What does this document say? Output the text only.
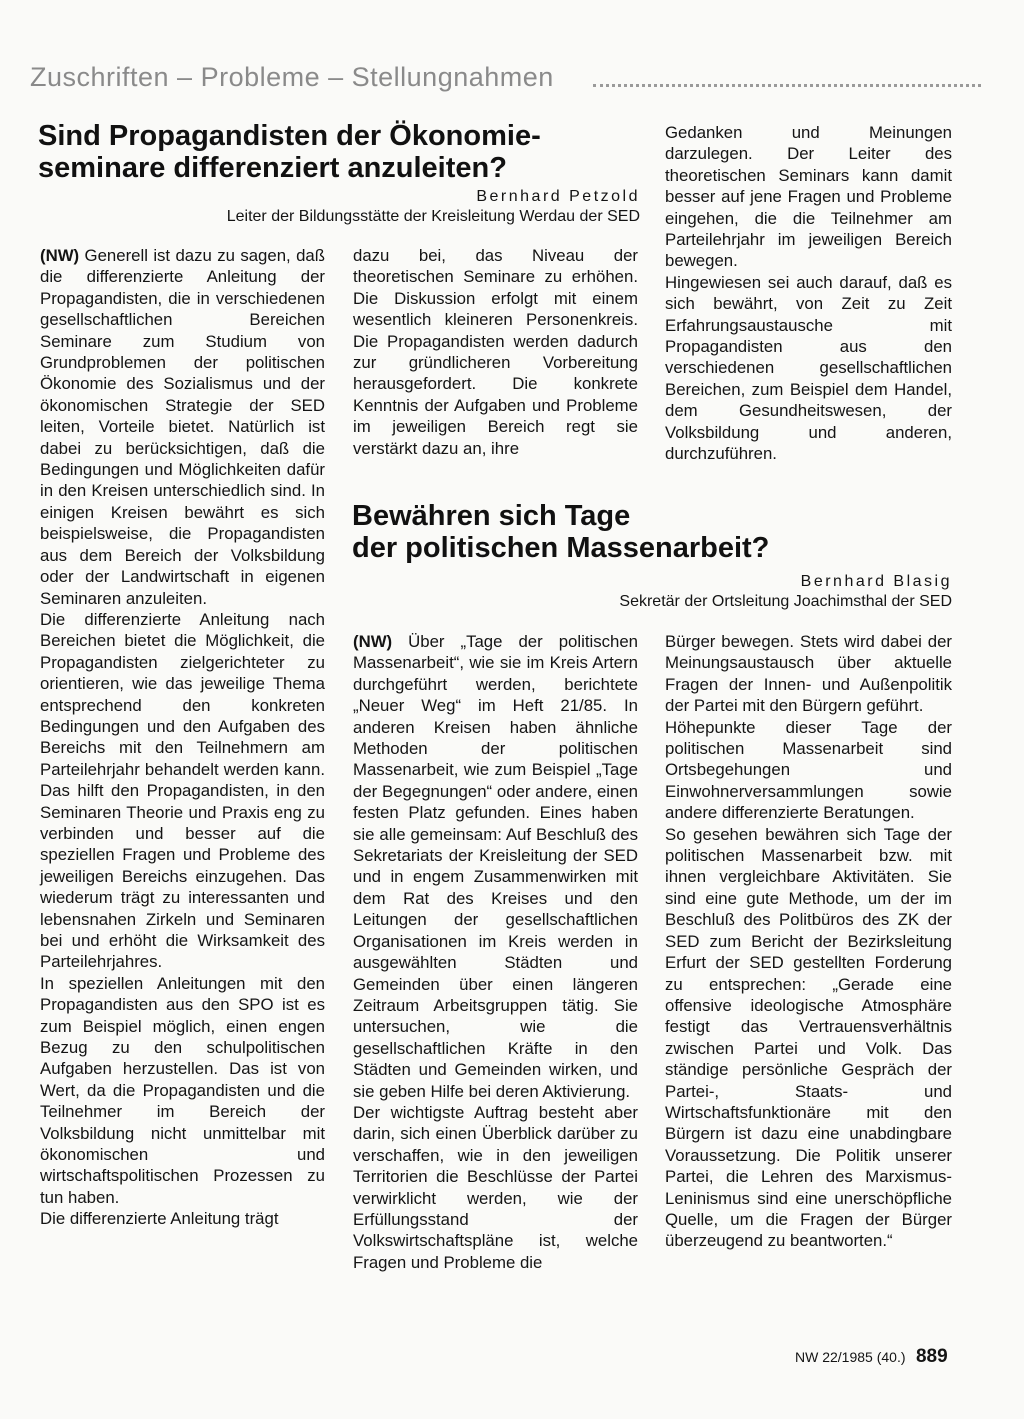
Zuschriften – Probleme – Stellungnahmen
Sind Propagandisten der Ökonomie-
seminare differenziert anzuleiten?
Bernhard Petzold
Leiter der Bildungsstätte der Kreisleitung Werdau der SED

(NW) Generell ist dazu zu sagen, daß die differenzierte Anleitung der Propagandisten, die in verschiedenen gesellschaftlichen Bereichen Seminare zum Studium von Grundproblemen der politischen Ökonomie des Sozialismus und der ökonomischen Strategie der SED leiten, Vorteile bietet. Natürlich ist dabei zu berücksichtigen, daß die Bedingungen und Möglichkeiten dafür in den Kreisen unterschiedlich sind. In einigen Kreisen bewährt es sich beispielsweise, die Propagandisten aus dem Bereich der Volksbildung oder der Landwirtschaft in eigenen Seminaren anzuleiten.

Die differenzierte Anleitung nach Bereichen bietet die Möglichkeit, die Propagandisten zielgerichteter zu orientieren, wie das jeweilige Thema entsprechend den konkreten Bedingungen und den Aufgaben des Bereichs mit den Teilnehmern am Parteilehrjahr behandelt werden kann. Das hilft den Propagandisten, in den Seminaren Theorie und Praxis eng zu verbinden und besser auf die speziellen Fragen und Probleme des jeweiligen Bereichs einzugehen. Das wiederum trägt zu interessanten und lebensnahen Zirkeln und Seminaren bei und erhöht die Wirksamkeit des Parteilehrjahres.

In speziellen Anleitungen mit den Propagandisten aus den SPO ist es zum Beispiel möglich, einen engen Bezug zu den schulpolitischen Aufgaben herzustellen. Das ist von Wert, da die Propagandisten und die Teilnehmer im Bereich der Volksbildung nicht unmittelbar mit ökonomischen und wirtschaftspolitischen Prozessen zu tun haben.

Die differenzierte Anleitung trägt

dazu bei, das Niveau der theoretischen Seminare zu erhöhen. Die Diskussion erfolgt mit einem wesentlich kleineren Personenkreis. Die Propagandisten werden dadurch zur gründlicheren Vorbereitung herausgefordert. Die konkrete Kenntnis der Aufgaben und Probleme im jeweiligen Bereich regt sie verstärkt dazu an, ihre

Gedanken und Meinungen darzulegen. Der Leiter des theoretischen Seminars kann damit besser auf jene Fragen und Probleme eingehen, die die Teilnehmer am Parteilehrjahr im jeweiligen Bereich bewegen.

Hingewiesen sei auch darauf, daß es sich bewährt, von Zeit zu Zeit Erfahrungsaustausche mit Propagandisten aus den verschiedenen gesellschaftlichen Bereichen, zum Beispiel dem Handel, dem Gesundheitswesen, der Volksbildung und anderen, durchzuführen.

Bewähren sich Tage
der politischen Massenarbeit?
Bernhard Blasig
Sekretär der Ortsleitung Joachimsthal der SED

(NW) Über „Tage der politischen Massenarbeit“, wie sie im Kreis Artern durchgeführt werden, berichtete „Neuer Weg“ im Heft 21/85. In anderen Kreisen haben ähnliche Methoden der politischen Massenarbeit, wie zum Beispiel „Tage der Begegnungen“ oder andere, einen festen Platz gefunden. Eines haben sie alle gemeinsam: Auf Beschluß des Sekretariats der Kreisleitung der SED und in engem Zusammenwirken mit dem Rat des Kreises und den Leitungen der gesellschaftlichen Organisationen im Kreis werden in ausgewählten Städten und Gemeinden über einen längeren Zeitraum Arbeitsgruppen tätig. Sie untersuchen, wie die gesellschaftlichen Kräfte in den Städten und Gemeinden wirken, und sie geben Hilfe bei deren Aktivierung.

Der wichtigste Auftrag besteht aber darin, sich einen Überblick darüber zu verschaffen, wie in den jeweiligen Territorien die Beschlüsse der Partei verwirklicht werden, wie der Erfüllungsstand der Volkswirtschaftspläne ist, welche Fragen und Probleme die

Bürger bewegen. Stets wird dabei der Meinungsaustausch über aktuelle Fragen der Innen- und Außenpolitik der Partei mit den Bürgern geführt.

Höhepunkte dieser Tage der politischen Massenarbeit sind Ortsbegehungen und Einwohnerversammlungen sowie andere differenzierte Beratungen.

So gesehen bewähren sich Tage der politischen Massenarbeit bzw. mit ihnen vergleichbare Aktivitäten. Sie sind eine gute Methode, um der im Beschluß des Politbüros des ZK der SED zum Bericht der Bezirksleitung Erfurt der SED gestellten Forderung zu entsprechen: „Gerade eine offensive ideologische Atmosphäre festigt das Vertrauensverhältnis zwischen Partei und Volk. Das ständige persönliche Gespräch der Partei-, Staats- und Wirtschaftsfunktionäre mit den Bürgern ist dazu eine unabdingbare Voraussetzung. Die Politik unserer Partei, die Lehren des Marxismus-Leninismus sind eine unerschöpfliche Quelle, um die Fragen der Bürger überzeugend zu beantworten.“

NW 22/1985 (40.) 889
